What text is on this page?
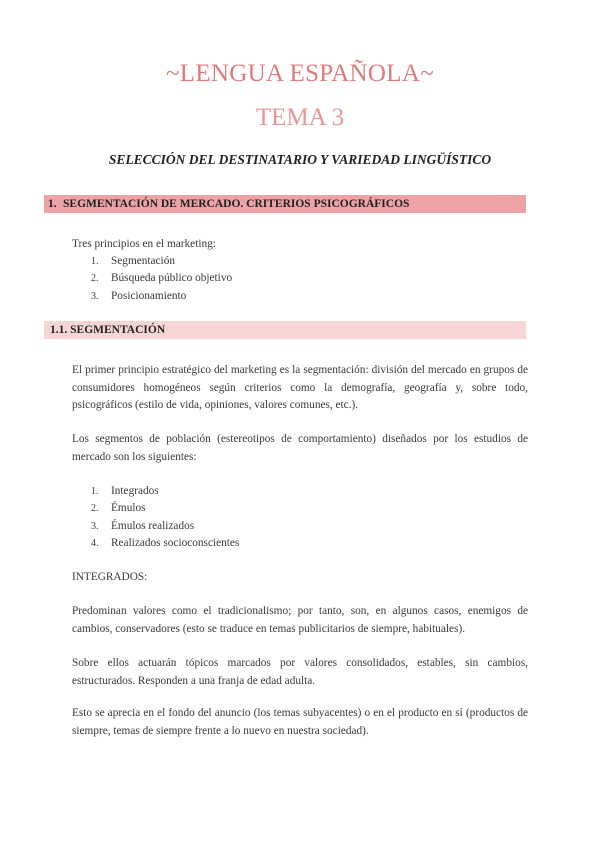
~LENGUA ESPAÑOLA~
TEMA 3
SELECCIÓN DEL DESTINATARIO Y VARIEDAD LINGÜÍSTICO
1. SEGMENTACIÓN DE MERCADO. CRITERIOS PSICOGRÁFICOS
Tres principios en el marketing:
1. Segmentación
2. Búsqueda público objetivo
3. Posicionamiento
1.1. SEGMENTACIÓN
El primer principio estratégico del marketing es la segmentación: división del mercado en grupos de consumidores homogéneos según criterios como la demografía, geografía y, sobre todo, psicográficos (estilo de vida, opiniones, valores comunes, etc.).
Los segmentos de población (estereotipos de comportamiento) diseñados por los estudios de mercado son los siguientes:
1. Integrados
2. Émulos
3. Émulos realizados
4. Realizados socioconscientes
INTEGRADOS:
Predominan valores como el tradicionalismo; por tanto, son, en algunos casos, enemigos de cambios, conservadores (esto se traduce en temas publicitarios de siempre, habituales).
Sobre ellos actuarán tópicos marcados por valores consolidados, estables, sin cambios, estructurados. Responden a una franja de edad adulta.
Esto se aprecia en el fondo del anuncio (los temas subyacentes) o en el producto en sí (productos de siempre, temas de siempre frente a lo nuevo en nuestra sociedad).
